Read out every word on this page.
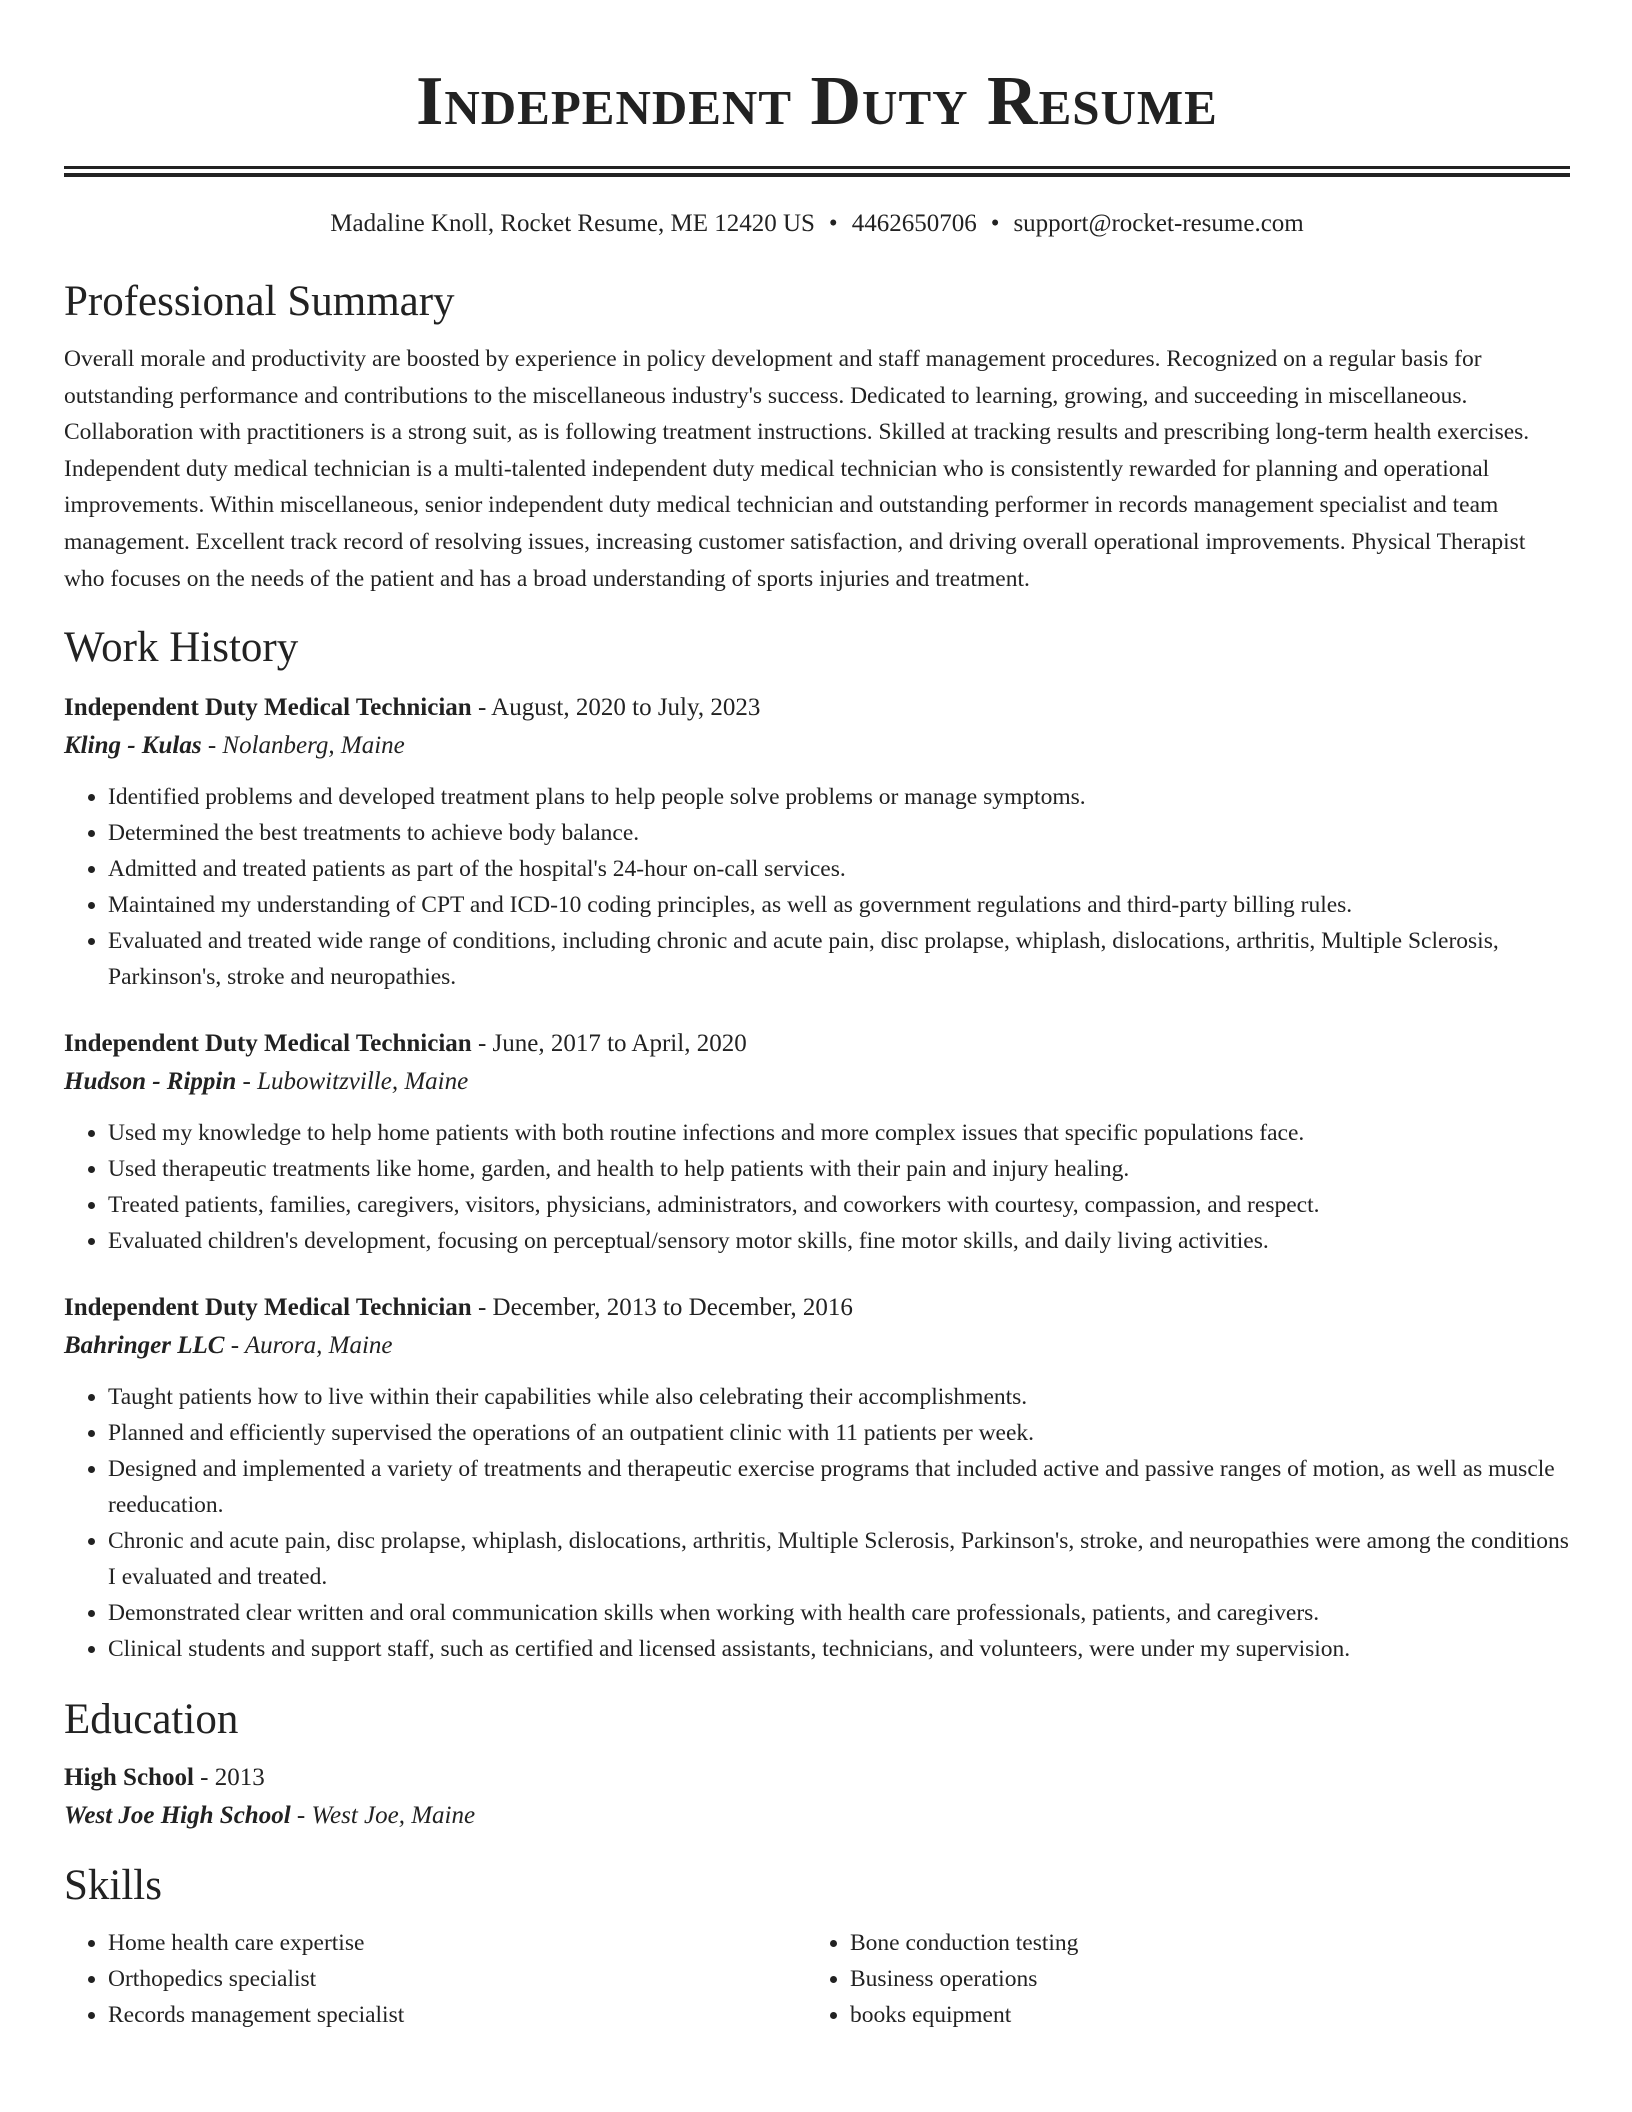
Independent Duty Resume
Madaline Knoll, Rocket Resume, ME 12420 US • 4462650706 • support@rocket-resume.com
Professional Summary
Overall morale and productivity are boosted by experience in policy development and staff management procedures. Recognized on a regular basis for outstanding performance and contributions to the miscellaneous industry's success. Dedicated to learning, growing, and succeeding in miscellaneous. Collaboration with practitioners is a strong suit, as is following treatment instructions. Skilled at tracking results and prescribing long-term health exercises. Independent duty medical technician is a multi-talented independent duty medical technician who is consistently rewarded for planning and operational improvements. Within miscellaneous, senior independent duty medical technician and outstanding performer in records management specialist and team management. Excellent track record of resolving issues, increasing customer satisfaction, and driving overall operational improvements. Physical Therapist who focuses on the needs of the patient and has a broad understanding of sports injuries and treatment.
Work History
Independent Duty Medical Technician - August, 2020 to July, 2023
Kling - Kulas - Nolanberg, Maine
• Identified problems and developed treatment plans to help people solve problems or manage symptoms.
• Determined the best treatments to achieve body balance.
• Admitted and treated patients as part of the hospital's 24-hour on-call services.
• Maintained my understanding of CPT and ICD-10 coding principles, as well as government regulations and third-party billing rules.
• Evaluated and treated wide range of conditions, including chronic and acute pain, disc prolapse, whiplash, dislocations, arthritis, Multiple Sclerosis, Parkinson's, stroke and neuropathies.
Independent Duty Medical Technician - June, 2017 to April, 2020
Hudson - Rippin - Lubowitzville, Maine
• Used my knowledge to help home patients with both routine infections and more complex issues that specific populations face.
• Used therapeutic treatments like home, garden, and health to help patients with their pain and injury healing.
• Treated patients, families, caregivers, visitors, physicians, administrators, and coworkers with courtesy, compassion, and respect.
• Evaluated children's development, focusing on perceptual/sensory motor skills, fine motor skills, and daily living activities.
Independent Duty Medical Technician - December, 2013 to December, 2016
Bahringer LLC - Aurora, Maine
• Taught patients how to live within their capabilities while also celebrating their accomplishments.
• Planned and efficiently supervised the operations of an outpatient clinic with 11 patients per week.
• Designed and implemented a variety of treatments and therapeutic exercise programs that included active and passive ranges of motion, as well as muscle reeducation.
• Chronic and acute pain, disc prolapse, whiplash, dislocations, arthritis, Multiple Sclerosis, Parkinson's, stroke, and neuropathies were among the conditions I evaluated and treated.
• Demonstrated clear written and oral communication skills when working with health care professionals, patients, and caregivers.
• Clinical students and support staff, such as certified and licensed assistants, technicians, and volunteers, were under my supervision.
Education
High School - 2013
West Joe High School - West Joe, Maine
Skills
• Home health care expertise
• Orthopedics specialist
• Records management specialist
• Bone conduction testing
• Business operations
• books equipment
